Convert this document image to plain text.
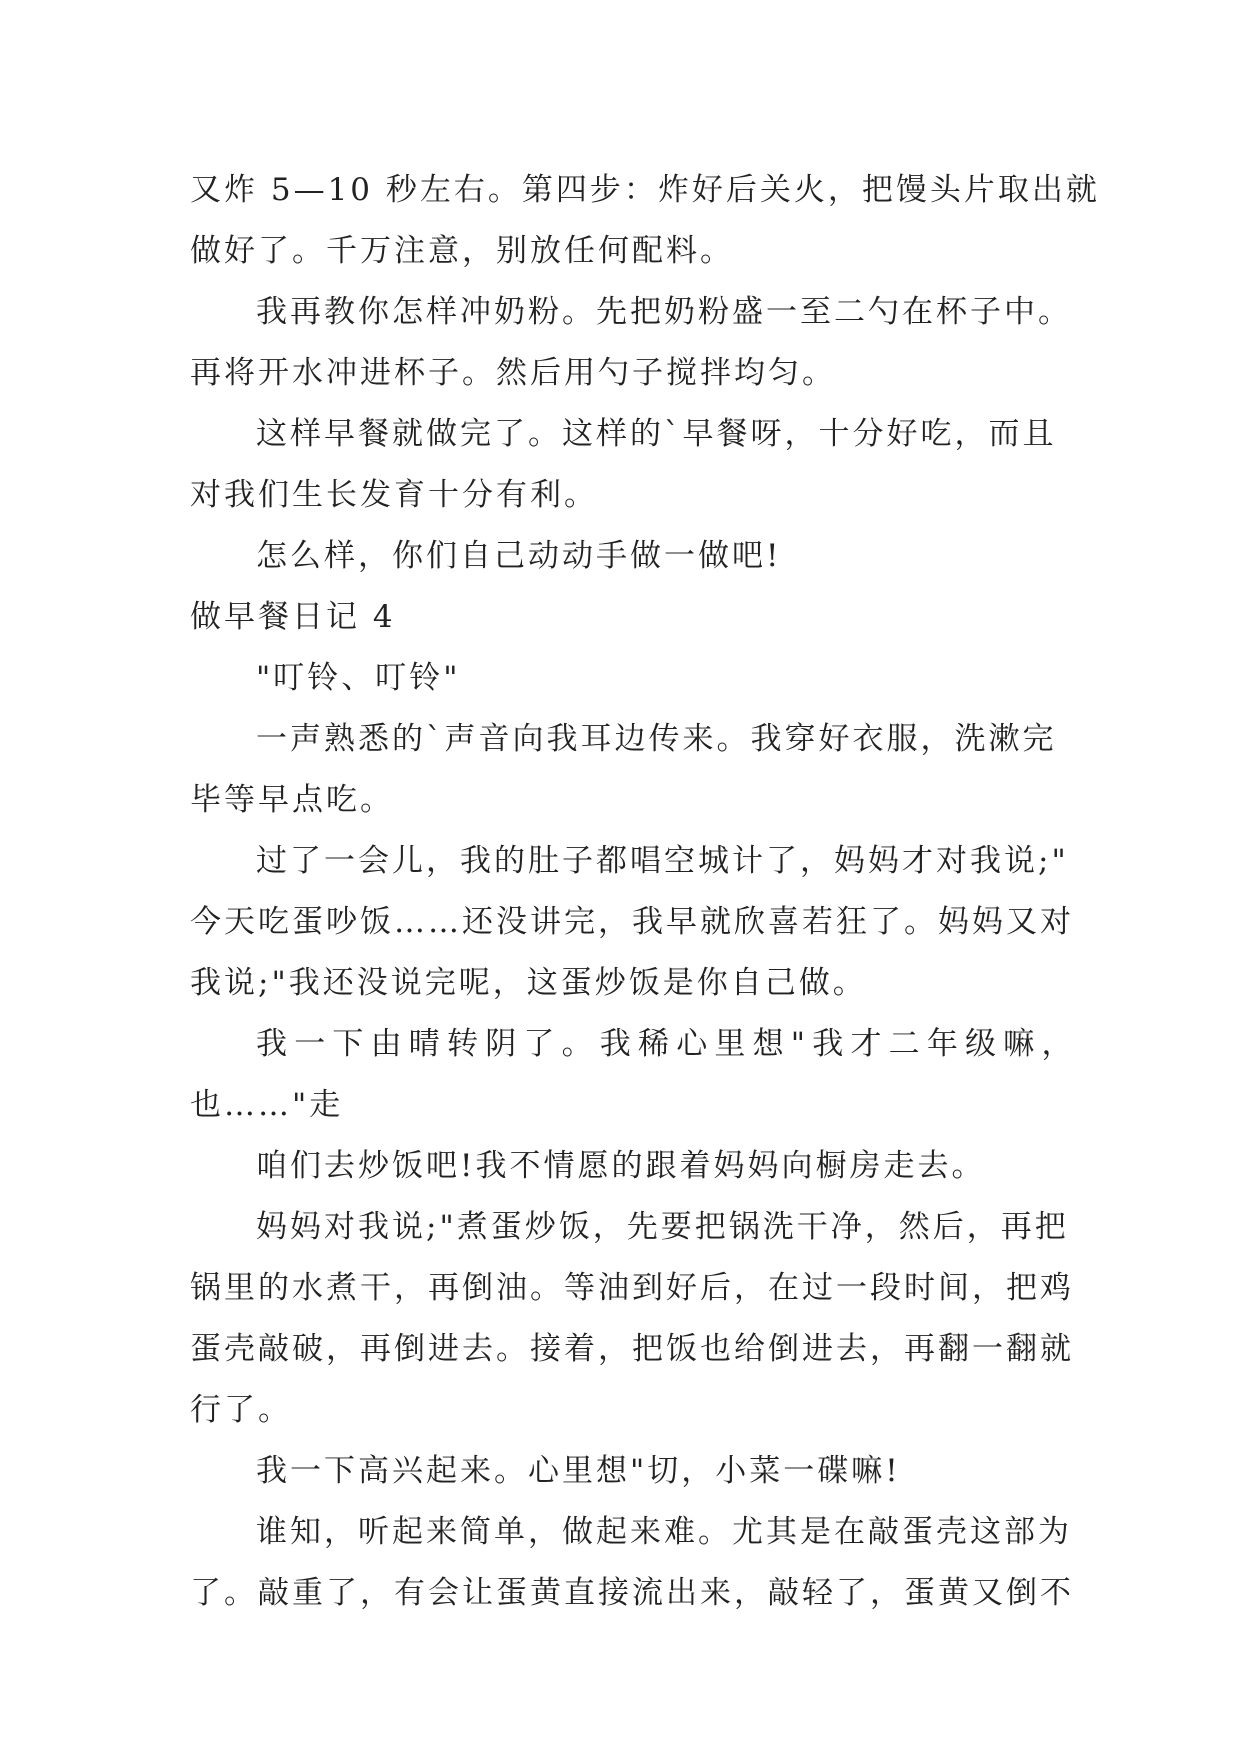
又炸 5—10 秒左右。第四步：炸好后关火，把馒头片取出就
做好了。千万注意，别放任何配料。
我再教你怎样冲奶粉。先把奶粉盛一至二勺在杯子中。
再将开水冲进杯子。然后用勺子搅拌均匀。
这样早餐就做完了。这样的`早餐呀，十分好吃，而且
对我们生长发育十分有利。
怎么样，你们自己动动手做一做吧!
做早餐日记 4
"叮铃、叮铃"
一声熟悉的`声音向我耳边传来。我穿好衣服，洗漱完
毕等早点吃。
过了一会儿，我的肚子都唱空城计了，妈妈才对我说;"
今天吃蛋吵饭……还没讲完，我早就欣喜若狂了。妈妈又对
我说;"我还没说完呢，这蛋炒饭是你自己做。
我一下由晴转阴了。我稀心里想"我才二年级嘛，
也……"走
咱们去炒饭吧!我不情愿的跟着妈妈向橱房走去。
妈妈对我说;"煮蛋炒饭，先要把锅洗干净，然后，再把
锅里的水煮干，再倒油。等油到好后，在过一段时间，把鸡
蛋壳敲破，再倒进去。接着，把饭也给倒进去，再翻一翻就
行了。
我一下高兴起来。心里想"切，小菜一碟嘛!
谁知，听起来简单，做起来难。尤其是在敲蛋壳这部为
了。敲重了，有会让蛋黄直接流出来，敲轻了，蛋黄又倒不
